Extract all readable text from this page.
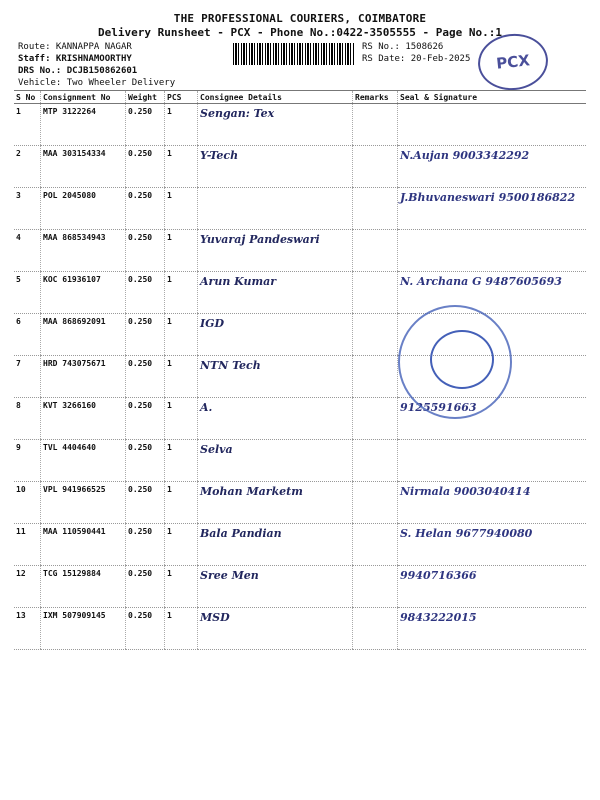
THE PROFESSIONAL COURIERS, COIMBATORE
Delivery Runsheet - PCX - Phone No.:0422-3505555 - Page No.:1
Route: KANNAPPA NAGAR
Staff: KRISHNAMOORTHY
DRS No.: DCJB150862601
Vehicle: Two Wheeler Delivery
RS No.: 1508626
RS Date: 20-Feb-2025	PCX
S No	Consignment No	Weight	PCS	Consignee Details	Remarks	Seal & Signature
1	MTP 3122264	0.250	1	Sengan: Tex		
2	MAA 303154334	0.250	1	Y-Tech		N.Aujan 9003342292
3	POL 2045080	0.250	1			J.Bhuvaneswari 9500186822
4	MAA 868534943	0.250	1	Yuvaraj Pandeswari		
5	KOC 61936107	0.250	1	Arun Kumar		N. Archana G 9487605693
6	MAA 868692091	0.250	1	IGD		
7	HRD 743075671	0.250	1	NTN Tech		
8	KVT 3266160	0.250	1	A.		9125591663
9	TVL 4404640	0.250	1	Selva		
10	VPL 941966525	0.250	1	Mohan Marketm		Nirmala 9003040414
11	MAA 110590441	0.250	1	Bala Pandian		S. Helan 9677940080
12	TCG 15129884	0.250	1	Sree Men		9940716366
13	IXM 507909145	0.250	1	MSD		9843222015
